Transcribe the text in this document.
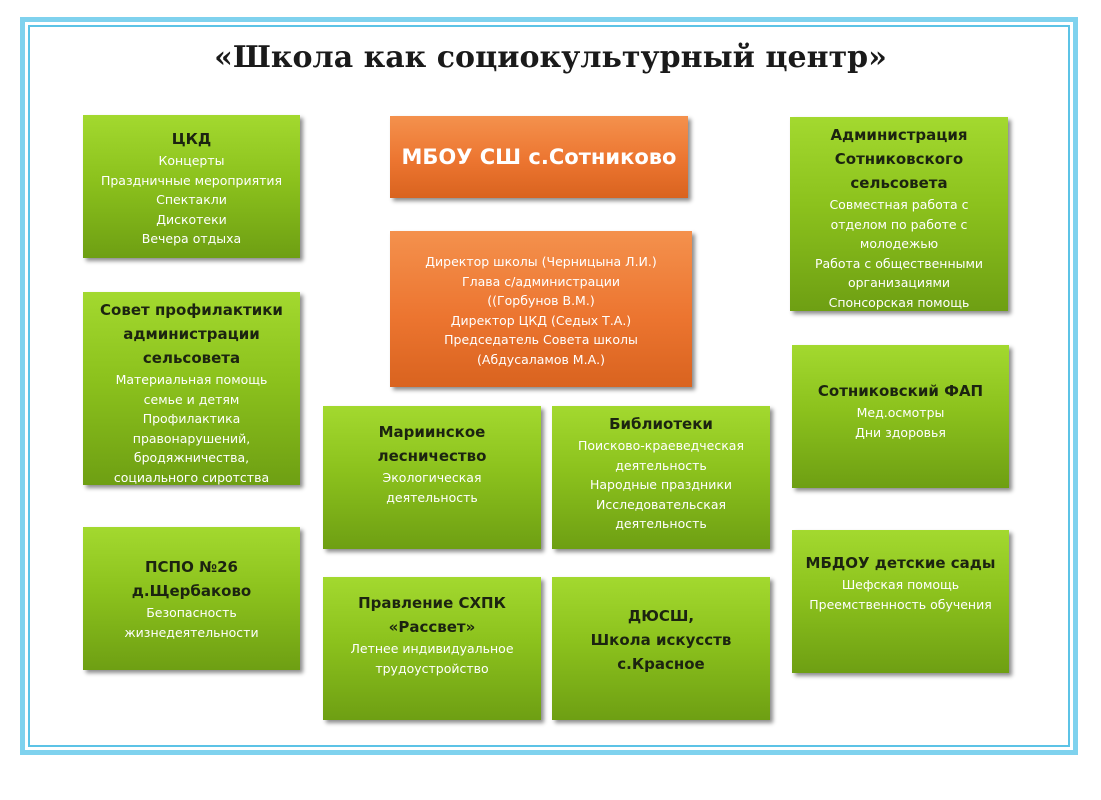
«Школа как социокультурный центр»
МБОУ СШ с.Сотниково
Директор школы (Черницына Л.И.)
Глава с/администрации
((Горбунов В.М.)
Директор ЦКД (Седых Т.А.)
Председатель Совета школы
(Абдусаламов М.А.)
ЦКД
Концерты
Праздничные мероприятия
Спектакли
Дискотеки
Вечера отдыха
Совет профилактики
администрации
сельсовета
Материальная помощь
семье и детям
Профилактика
правонарушений,
бродяжничества,
социального сиротства
ПСПО №26
д.Щербаково
Безопасность
жизнедеятельности
Администрация
Сотниковского
сельсовета
Совместная работа с
отделом по работе с
молодежью
Работа с общественными
организациями
Спонсорская помощь
Сотниковский ФАП
Мед.осмотры
Дни здоровья
МБДОУ детские сады
Шефская помощь
Преемственность обучения
Мариинское
лесничество
Экологическая
деятельность
Библиотеки
Поисково-краеведческая
деятельность
Народные праздники
Исследовательская
деятельность
Правление СХПК
«Рассвет»
Летнее индивидуальное
трудоустройство
ДЮСШ,
Школа искусств
с.Красное
